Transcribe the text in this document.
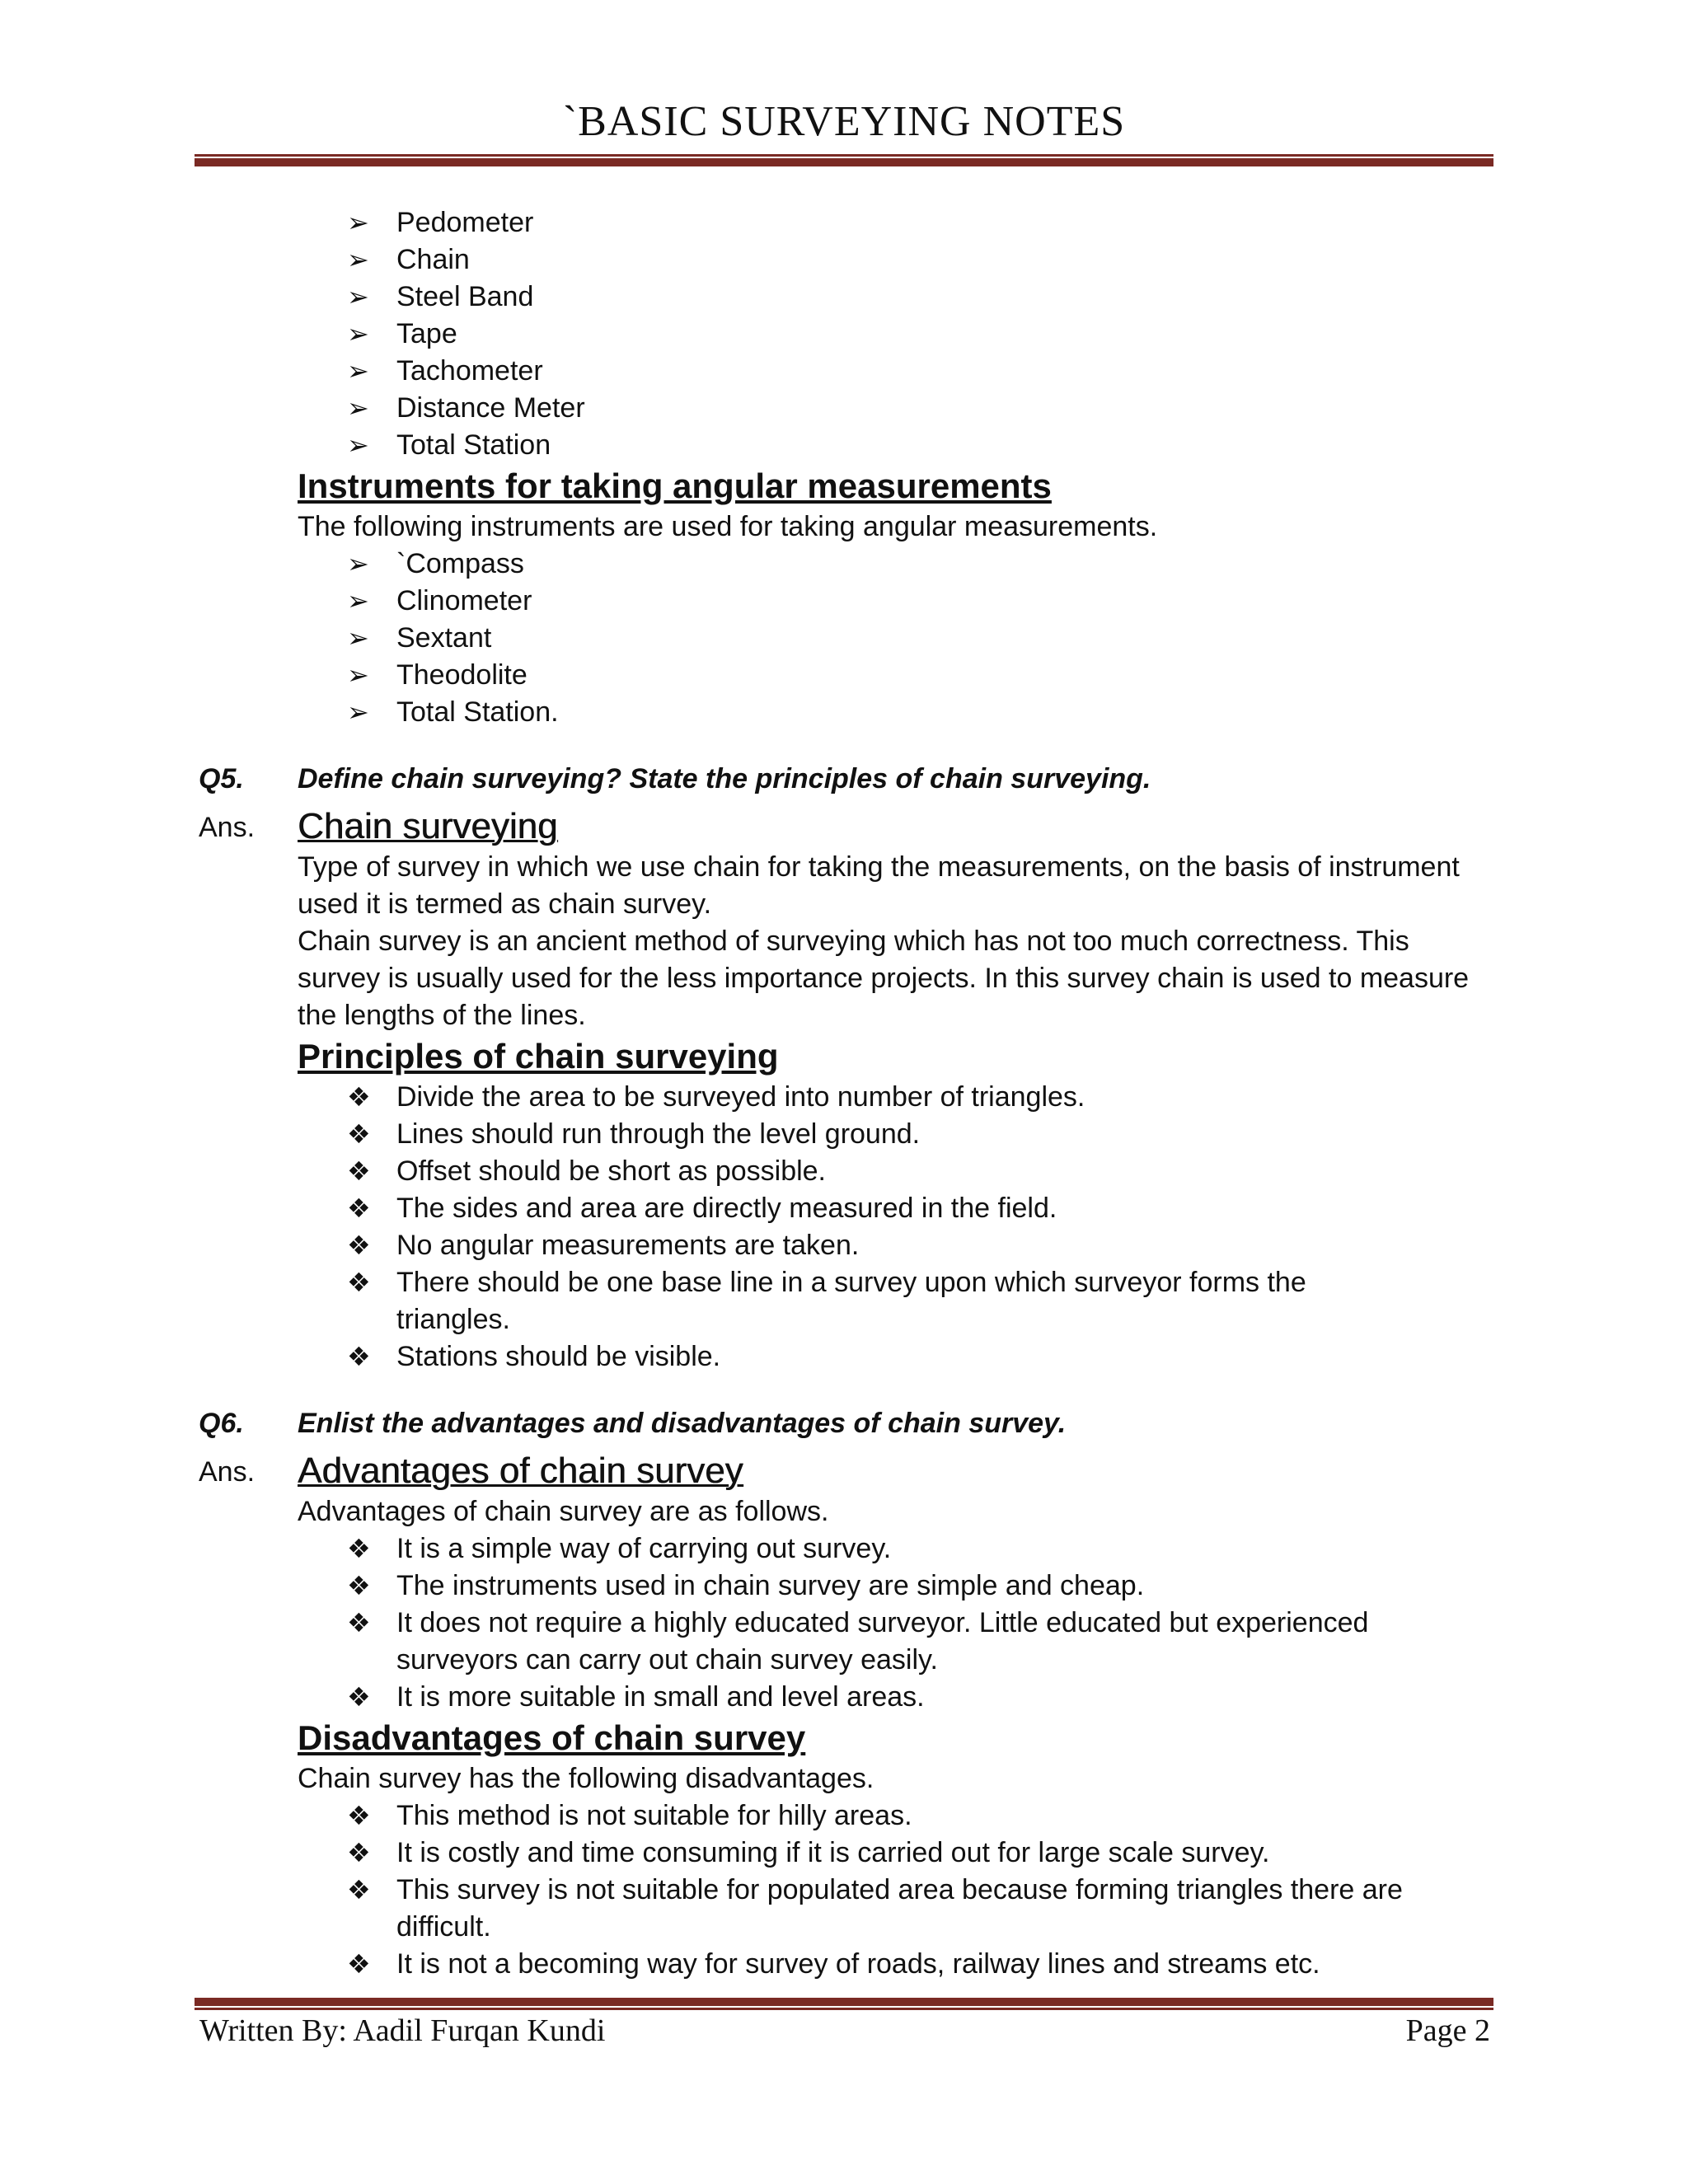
`BASIC SURVEYING NOTES
➢ Pedometer
➢ Chain
➢ Steel Band
➢ Tape
➢ Tachometer
➢ Distance Meter
➢ Total Station
Instruments for taking angular measurements
The following instruments are used for taking angular measurements.
➢ `Compass
➢ Clinometer
➢ Sextant
➢ Theodolite
➢ Total Station.
Q5. Define chain surveying? State the principles of chain surveying.
Ans. Chain surveying
Type of survey in which we use chain for taking the measurements, on the basis of instrument used it is termed as chain survey.
Chain survey is an ancient method of surveying which has not too much correctness. This survey is usually used for the less importance projects. In this survey chain is used to measure the lengths of the lines.
Principles of chain surveying
❖ Divide the area to be surveyed into number of triangles.
❖ Lines should run through the level ground.
❖ Offset should be short as possible.
❖ The sides and area are directly measured in the field.
❖ No angular measurements are taken.
❖ There should be one base line in a survey upon which surveyor forms the triangles.
❖ Stations should be visible.
Q6. Enlist the advantages and disadvantages of chain survey.
Ans. Advantages of chain survey
Advantages of chain survey are as follows.
❖ It is a simple way of carrying out survey.
❖ The instruments used in chain survey are simple and cheap.
❖ It does not require a highly educated surveyor. Little educated but experienced surveyors can carry out chain survey easily.
❖ It is more suitable in small and level areas.
Disadvantages of chain survey
Chain survey has the following disadvantages.
❖ This method is not suitable for hilly areas.
❖ It is costly and time consuming if it is carried out for large scale survey.
❖ This survey is not suitable for populated area because forming triangles there are difficult.
❖ It is not a becoming way for survey of roads, railway lines and streams etc.
Written By: Aadil Furqan Kundi	Page 2
